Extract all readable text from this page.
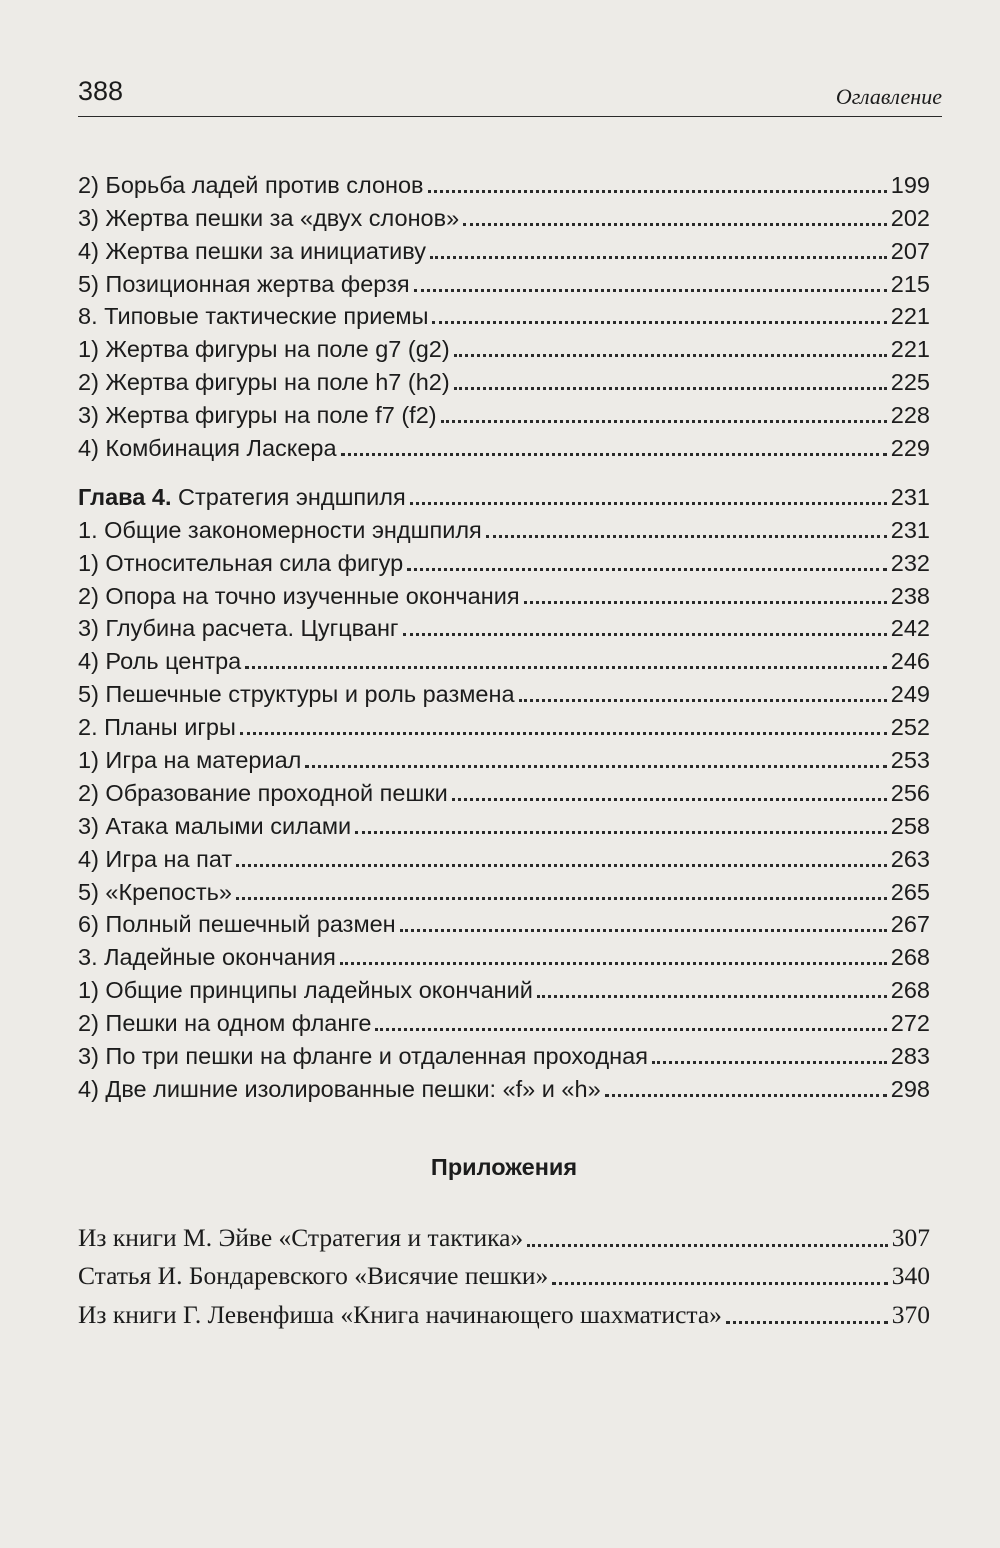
388	Оглавление
2) Борьба ладей против слонов	199
3) Жертва пешки за «двух слонов»	202
4) Жертва пешки за инициативу	207
5) Позиционная жертва ферзя	215
8. Типовые тактические приемы	221
1) Жертва фигуры на поле g7 (g2)	221
2) Жертва фигуры на поле h7 (h2)	225
3) Жертва фигуры на поле f7 (f2)	228
4) Комбинация Ласкера	229
Глава 4. Стратегия эндшпиля	231
1. Общие закономерности эндшпиля	231
1) Относительная сила фигур	232
2) Опора на точно изученные окончания	238
3) Глубина расчета. Цугцванг	242
4) Роль центра	246
5) Пешечные структуры и роль размена	249
2. Планы игры	252
1) Игра на материал	253
2) Образование проходной пешки	256
3) Атака малыми силами	258
4) Игра на пат	263
5) «Крепость»	265
6) Полный пешечный размен	267
3. Ладейные окончания	268
1) Общие принципы ладейных окончаний	268
2) Пешки на одном фланге	272
3) По три пешки на фланге и отдаленная проходная	283
4) Две лишние изолированные пешки: «f» и «h»	298
Приложения
Из книги М. Эйве «Стратегия и тактика»	307
Статья И. Бондаревского «Висячие пешки»	340
Из книги Г. Левенфиша «Книга начинающего шахматиста»	370
